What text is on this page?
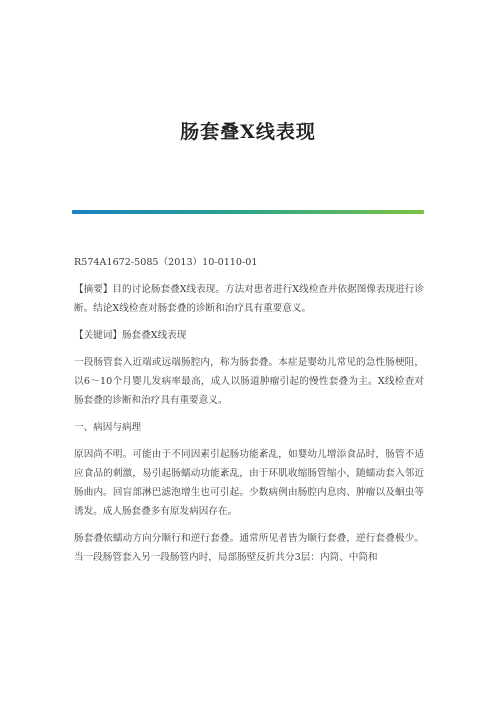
肠套叠X线表现

R574A1672-5085（2013）10-0110-01

【摘要】目的讨论肠套叠X线表现。方法对患者进行X线检查并依据图像表现进行诊断。结论X线检查对肠套叠的诊断和治疗具有重要意义。

【关键词】肠套叠X线表现

一段肠管套入近端或远端肠腔内，称为肠套叠。本症是婴幼儿常见的急性肠梗阻，以6～10个月婴儿发病率最高，成人以肠道肿瘤引起的慢性套叠为主。X线检查对肠套叠的诊断和治疗具有重要意义。

一、病因与病理

原因尚不明。可能由于不同因素引起肠功能紊乱，如婴幼儿增添食品时，肠管不适应食品的刺激，易引起肠蠕动功能紊乱，由于环肌收缩肠管缩小，随蠕动套入邻近肠曲内。回盲部淋巴滤泡增生也可引起。少数病例由肠腔内息肉、肿瘤以及蛔虫等诱发。成人肠套叠多有原发病因存在。

肠套叠依蠕动方向分顺行和逆行套叠。通常所见者皆为顺行套叠，逆行套叠极少。当一段肠管套入另一段肠管内时，局部肠壁反折共分3层：内筒、中筒和
